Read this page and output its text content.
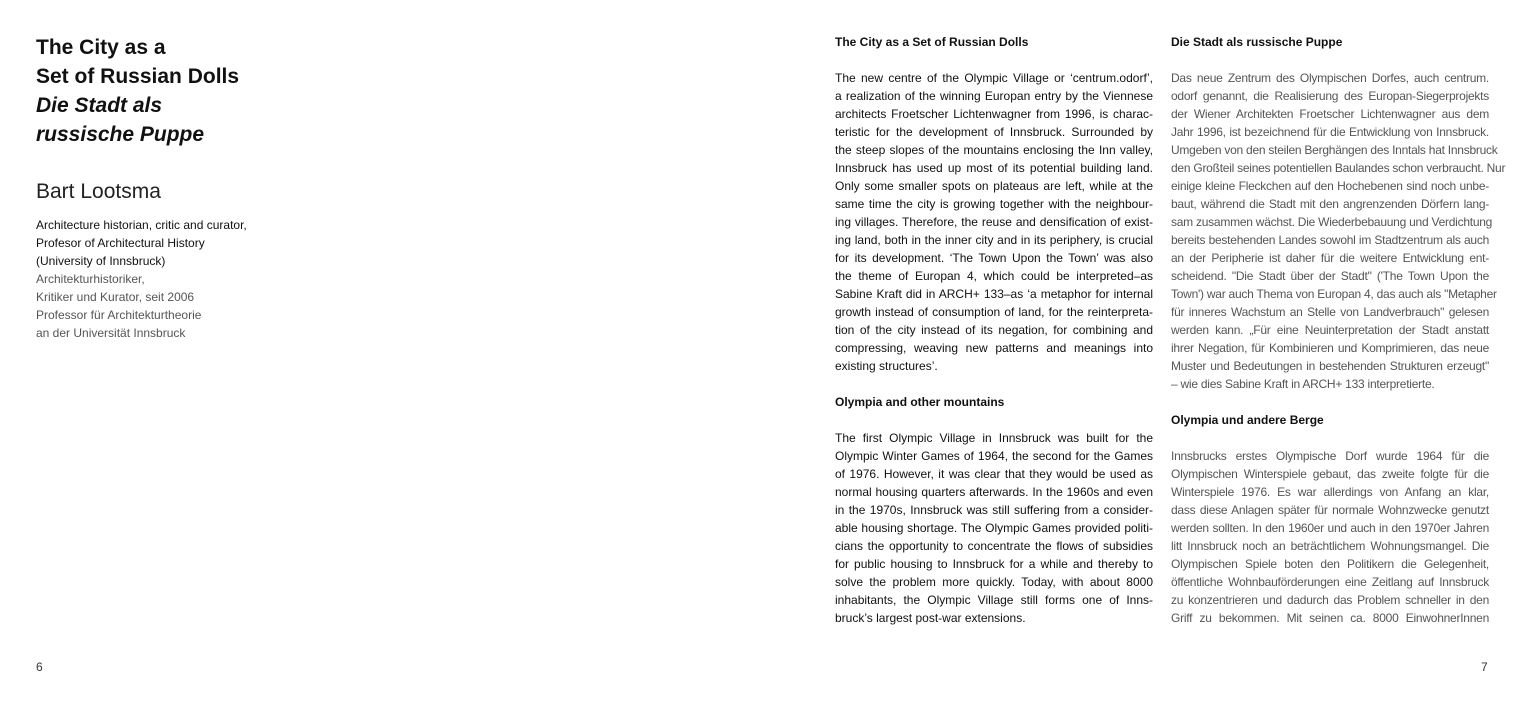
The City as a
Set of Russian Dolls
Die Stadt als
russische Puppe
Bart Lootsma
Architecture historian, critic and curator,
Profesor of Architectural History
(University of Innsbruck)
Architekturhistoriker,
Kritiker und Kurator, seit 2006
Professor für Architekturtheorie
an der Universität Innsbruck
6
The City as a Set of Russian Dolls
The new centre of the Olympic Village or ‘centrum.odorf’,
a realization of the winning Europan entry by the Viennese
architects Froetscher Lichtenwagner from 1996, is charac-
teristic for the development of Innsbruck. Surrounded by
the steep slopes of the mountains enclosing the Inn valley,
Innsbruck has used up most of its potential building land.
Only some smaller spots on plateaus are left, while at the
same time the city is growing together with the neighbour-
ing villages. Therefore, the reuse and densification of exist-
ing land, both in the inner city and in its periphery, is crucial
for its development. ‘The Town Upon the Town’ was also
the theme of Europan 4, which could be interpreted–as
Sabine Kraft did in ARCH+ 133–as ‘a metaphor for internal
growth instead of consumption of land, for the reinterpreta-
tion of the city instead of its negation, for combining and
compressing, weaving new patterns and meanings into
existing structures’.
Olympia and other mountains
The first Olympic Village in Innsbruck was built for the
Olympic Winter Games of 1964, the second for the Games
of 1976. However, it was clear that they would be used as
normal housing quarters afterwards. In the 1960s and even
in the 1970s, Innsbruck was still suffering from a consider-
able housing shortage. The Olympic Games provided politi-
cians the opportunity to concentrate the flows of subsidies
for public housing to Innsbruck for a while and thereby to
solve the problem more quickly. Today, with about 8000
inhabitants, the Olympic Village still forms one of Inns-
bruck’s largest post-war extensions.
Die Stadt als russische Puppe
Das neue Zentrum des Olympischen Dorfes, auch centrum.
odorf genannt, die Realisierung des Europan-Siegerprojekts
der Wiener Architekten Froetscher Lichtenwagner aus dem
Jahr 1996, ist bezeichnend für die Entwicklung von Innsbruck.
Umgeben von den steilen Berghängen des Inntals hat Innsbruck
den Großteil seines potentiellen Baulandes schon verbraucht. Nur
einige kleine Fleckchen auf den Hochebenen sind noch unbe-
baut, während die Stadt mit den angrenzenden Dörfern lang-
sam zusammen wächst. Die Wiederbebauung und Verdichtung
bereits bestehenden Landes sowohl im Stadtzentrum als auch
an der Peripherie ist daher für die weitere Entwicklung ent-
scheidend. "Die Stadt über der Stadt" ('The Town Upon the
Town') war auch Thema von Europan 4, das auch als "Metapher
für inneres Wachstum an Stelle von Landverbrauch" gelesen
werden kann. „Für eine Neuinterpretation der Stadt anstatt
ihrer Negation, für Kombinieren und Komprimieren, das neue
Muster und Bedeutungen in bestehenden Strukturen erzeugt"
– wie dies Sabine Kraft in ARCH+ 133 interpretierte.
Olympia und andere Berge
Innsbrucks erstes Olympische Dorf wurde 1964 für die
Olympischen Winterspiele gebaut, das zweite folgte für die
Winterspiele 1976. Es war allerdings von Anfang an klar,
dass diese Anlagen später für normale Wohnzwecke genutzt
werden sollten. In den 1960er und auch in den 1970er Jahren
litt Innsbruck noch an beträchtlichem Wohnungsmangel. Die
Olympischen Spiele boten den Politikern die Gelegenheit,
öffentliche Wohnbauförderungen eine Zeitlang auf Innsbruck
zu konzentrieren und dadurch das Problem schneller in den
Griff zu bekommen. Mit seinen ca. 8000 EinwohnerInnen
7
